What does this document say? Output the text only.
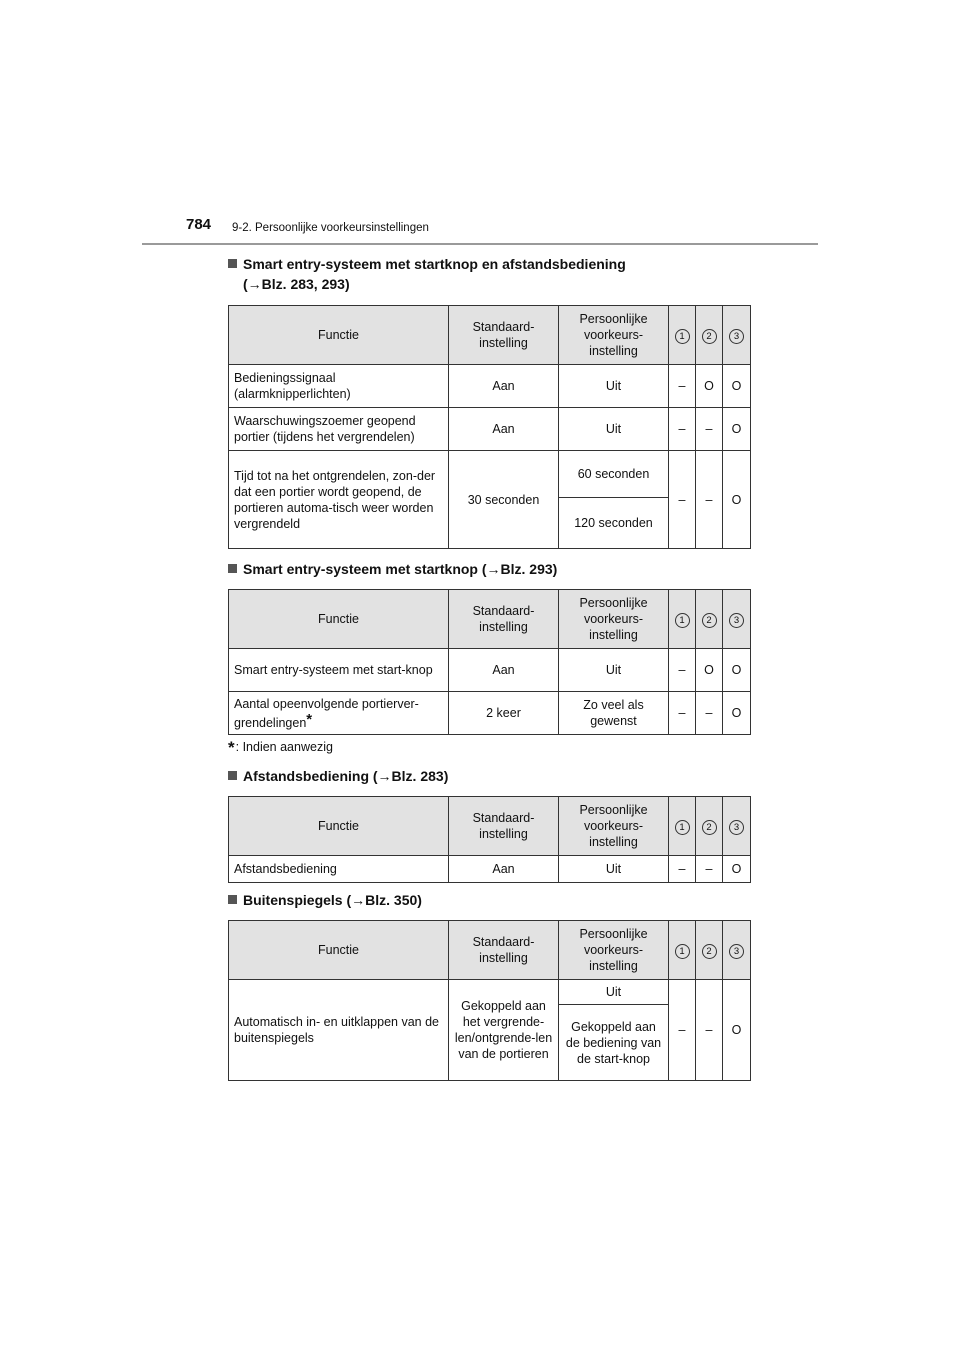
784 9-2. Persoonlijke voorkeursinstellingen
Smart entry-systeem met startknop en afstandsbediening
(→Blz. 283, 293)
Functie	Standaard-instelling	Persoonlijke voorkeurs-instelling	1	2	3
Bedieningssignaal (alarmknipperlichten)	Aan	Uit	–	O	O
Waarschuwingszoemer geopend portier (tijdens het vergrendelen)	Aan	Uit	–	–	O
Tijd tot na het ontgrendelen, zon-der dat een portier wordt geopend, de portieren automa-tisch weer worden vergrendeld	30 seconden	60 seconden	–	–	O
		120 seconden			
Smart entry-systeem met startknop (→Blz. 293)
Functie	Standaard-instelling	Persoonlijke voorkeurs-instelling	1	2	3
Smart entry-systeem met start-knop	Aan	Uit	–	O	O
Aantal opeenvolgende portierver-grendelingen*	2 keer	Zo veel als gewenst	–	–	O
*: Indien aanwezig
Afstandsbediening (→Blz. 283)
Functie	Standaard-instelling	Persoonlijke voorkeurs-instelling	1	2	3
Afstandsbediening	Aan	Uit	–	–	O
Buitenspiegels (→Blz. 350)
Functie	Standaard-instelling	Persoonlijke voorkeurs-instelling	1	2	3
Automatisch in- en uitklappen van de buitenspiegels	Gekoppeld aan het vergrende-len/ontgrende-len van de portieren	Uit	–	–	O
		Gekoppeld aan de bediening van de start-knop			
